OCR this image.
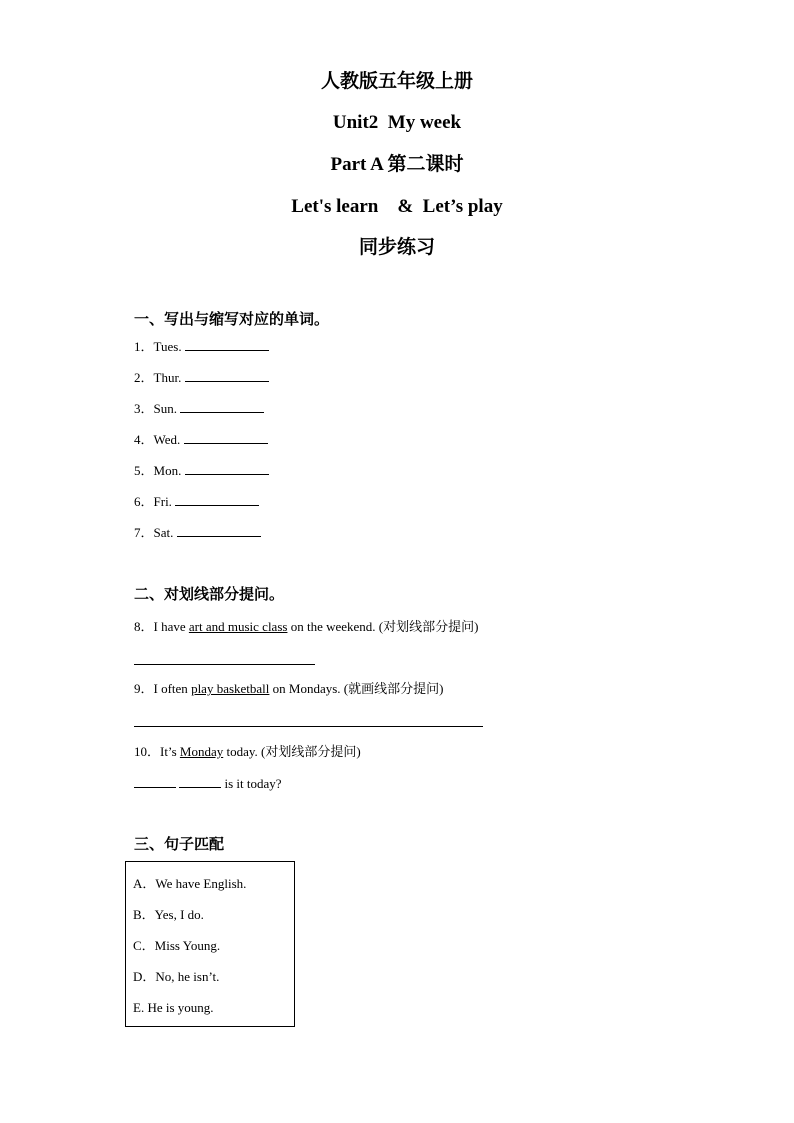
人教版五年级上册
Unit2  My week
Part A 第二课时
Let's learn    &  Let’s play
同步练习
一、写出与缩写对应的单词。
1．Tues.
2．Thur.
3．Sun.
4．Wed.
5．Mon.
6．Fri.
7．Sat.
二、对划线部分提问。
8．I have art and music class on the weekend. (对划线部分提问)
9．I often play basketball on Mondays. (就画线部分提问)
10．It’s Monday today. (对划线部分提问)
is it today?
三、句子匹配
A．We have English.
B．Yes, I do.
C．Miss Young.
D．No, he isn’t.
E. He is young.
